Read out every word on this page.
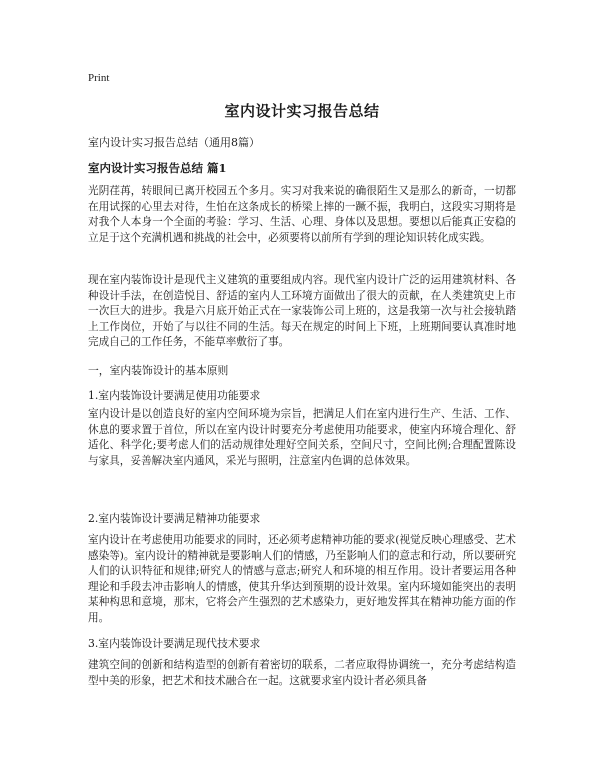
Print
室内设计实习报告总结
室内设计实习报告总结（通用8篇）
室内设计实习报告总结 篇1

光阴荏苒，转眼间已离开校园五个多月。实习对我来说的确很陌生又是那么的新奇，一切都在用试探的心里去对待，生怕在这条成长的桥梁上摔的一蹶不振，我明白，这段实习期将是对我个人本身一个全面的考验：学习、生活、心理、身体以及思想。要想以后能真正安稳的立足于这个充满机遇和挑战的社会中，必须要将以前所有学到的理论知识转化成实践。

现在室内装饰设计是现代主义建筑的重要组成内容。现代室内设计广泛的运用建筑材料、各种设计手法，在创造悦目、舒适的室内人工环境方面做出了很大的贡献，在人类建筑史上市一次巨大的进步。我是六月底开始正式在一家装饰公司上班的，这是我第一次与社会接轨踏上工作岗位，开始了与以往不同的生活。每天在规定的时间上下班，上班期间要认真准时地完成自己的工作任务，不能草率敷衍了事。

一，室内装饰设计的基本原则
1.室内装饰设计要满足使用功能要求

室内设计是以创造良好的室内空间环境为宗旨，把满足人们在室内进行生产、生活、工作、休息的要求置于首位，所以在室内设计时要充分考虑使用功能要求，使室内环境合理化、舒适化、科学化;要考虑人们的活动规律处理好空间关系，空间尺寸，空间比例;合理配置陈设与家具，妥善解决室内通风，采光与照明，注意室内色调的总体效果。

2.室内装饰设计要满足精神功能要求

室内设计在考虑使用功能要求的同时，还必须考虑精神功能的要求(视觉反映心理感受、艺术感染等)。室内设计的精神就是要影响人们的情感，乃至影响人们的意志和行动，所以要研究人们的认识特征和规律;研究人的情感与意志;研究人和环境的相互作用。设计者要运用各种理论和手段去冲击影响人的情感，使其升华达到预期的设计效果。室内环境如能突出的表明某种构思和意境，那末，它将会产生强烈的艺术感染力，更好地发挥其在精神功能方面的作用。

3.室内装饰设计要满足现代技术要求

建筑空间的创新和结构造型的创新有着密切的联系，二者应取得协调统一，充分考虑结构造型中美的形象，把艺术和技术融合在一起。这就要求室内设计者必须具备
